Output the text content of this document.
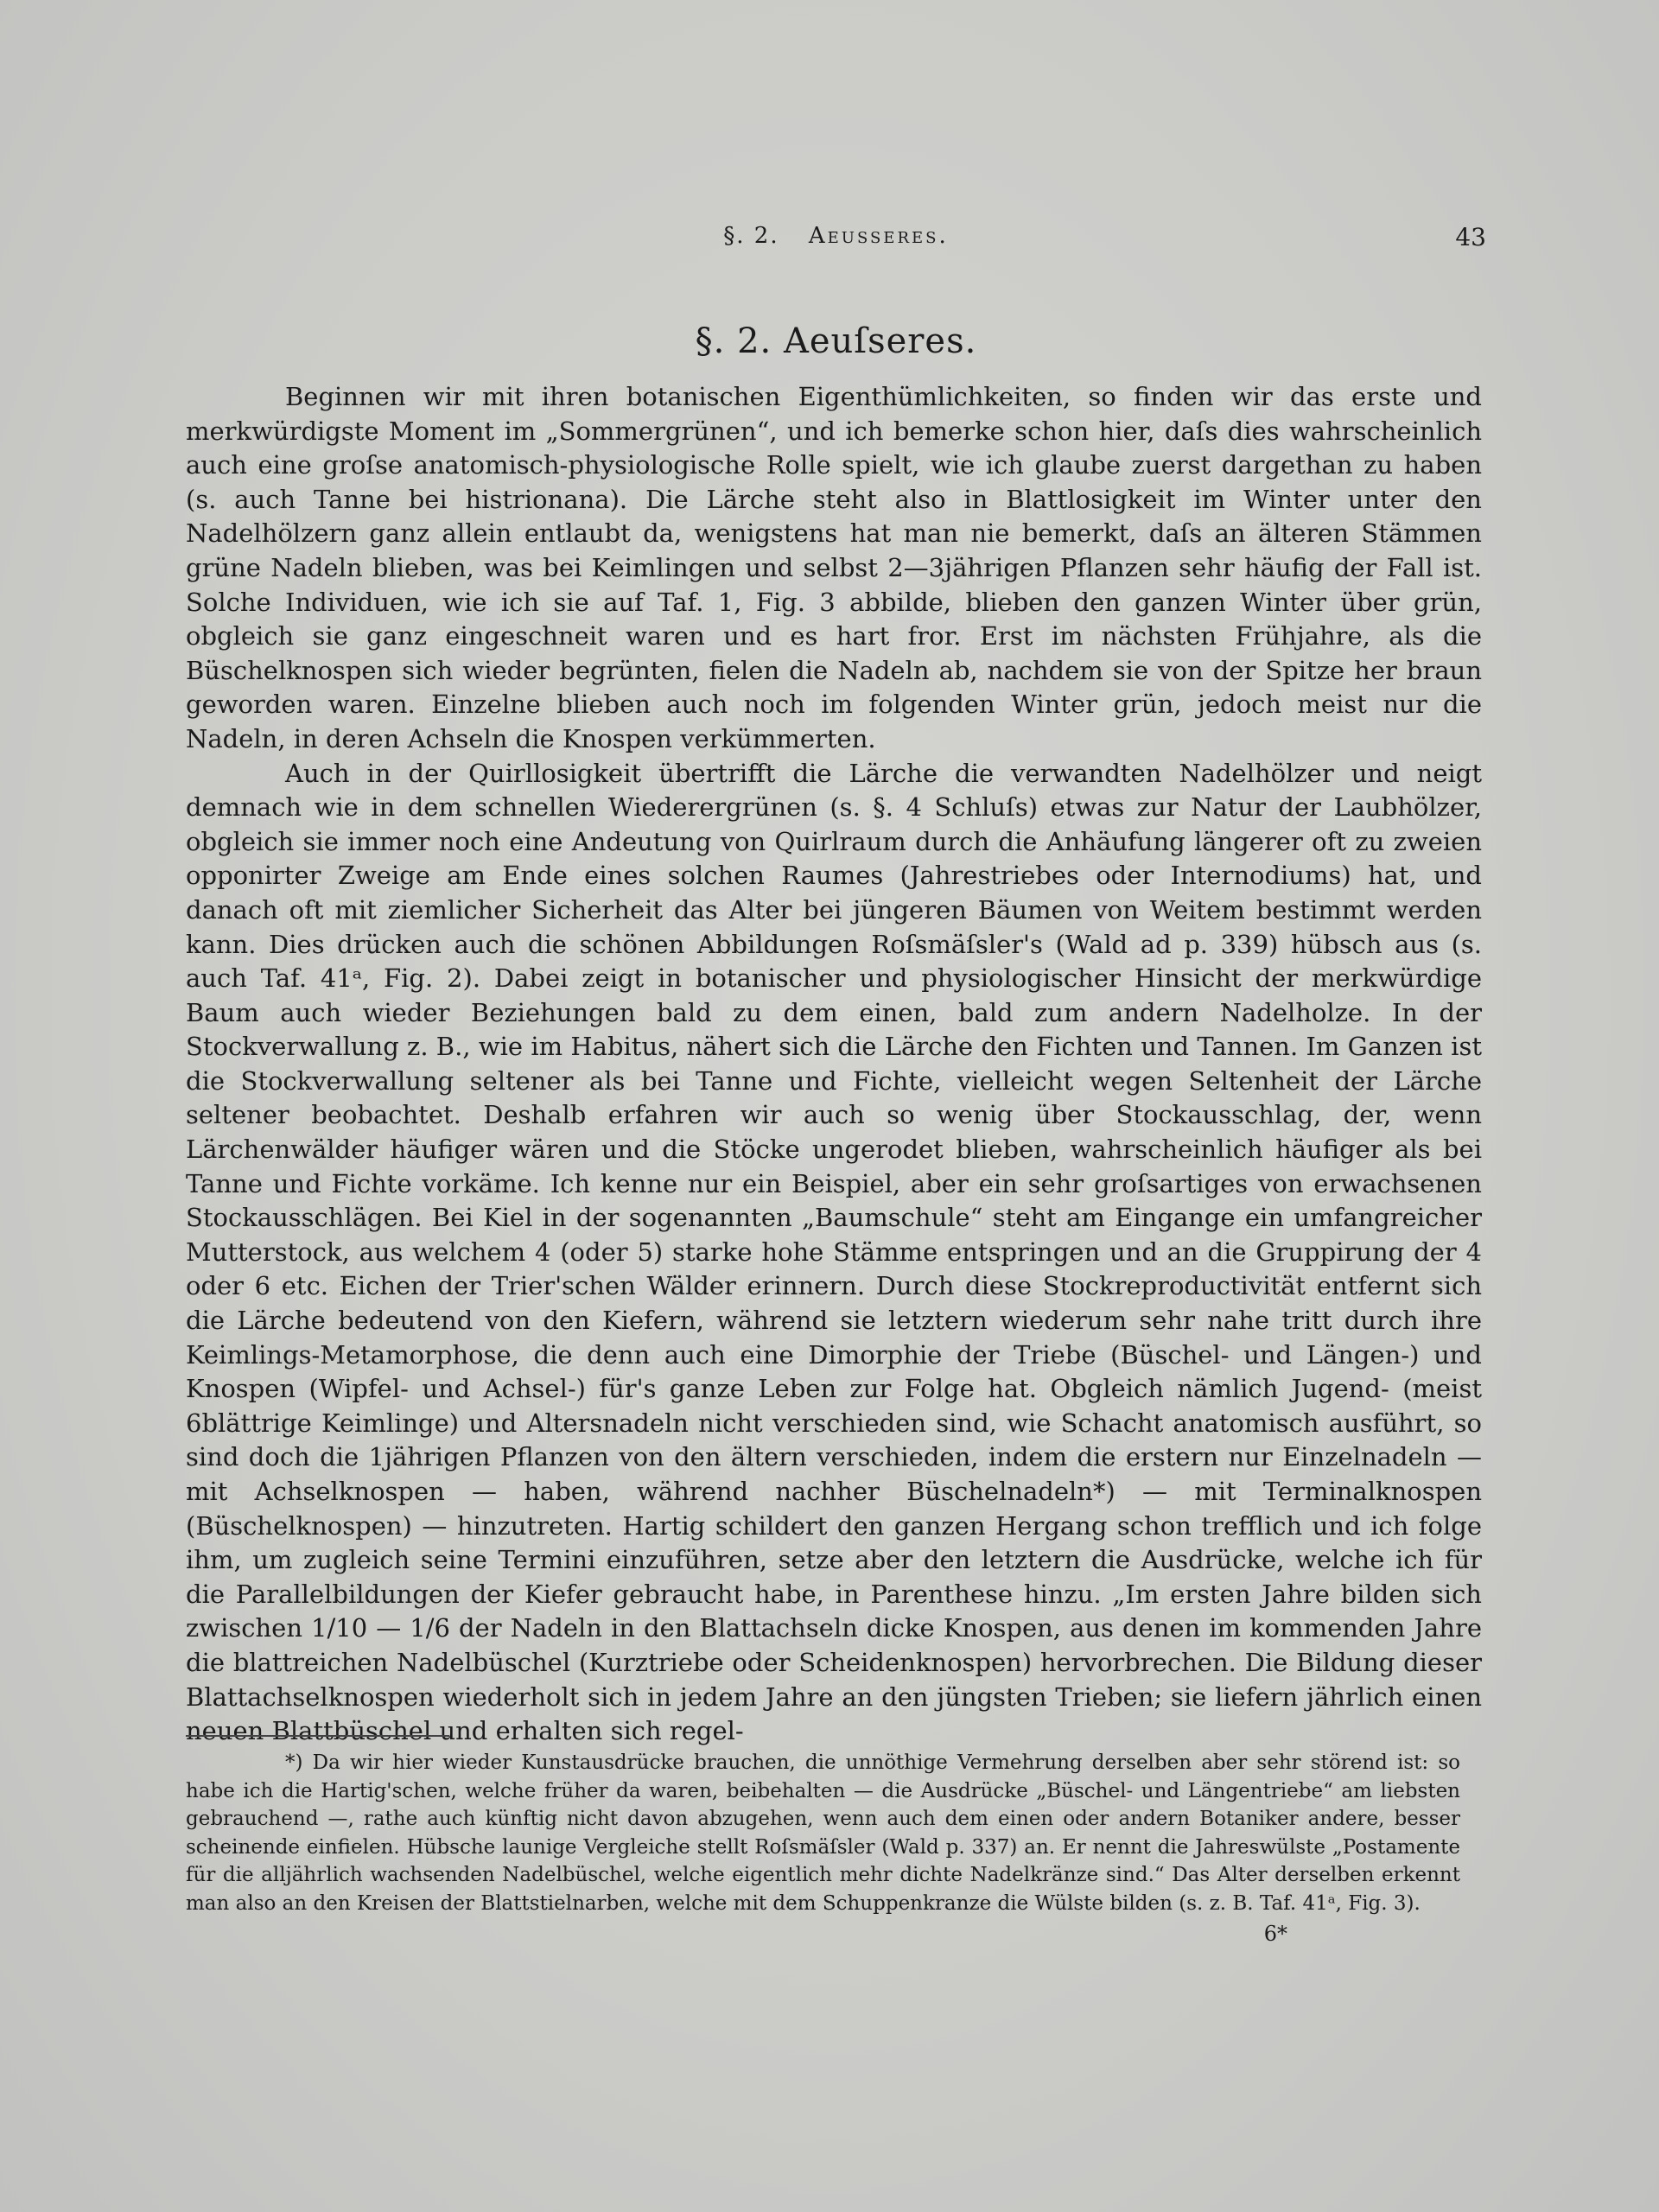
§. 2. Aeusseres.	43
§. 2. Aeuſseres.

Beginnen wir mit ihren botanischen Eigenthümlichkeiten, so finden wir das erste und merkwürdigste Moment im „Sommergrünen“, und ich bemerke schon hier, daſs dies wahrscheinlich auch eine groſse anatomisch-physiologische Rolle spielt, wie ich glaube zuerst dargethan zu haben (s. auch Tanne bei histrionana). Die Lärche steht also in Blattlosigkeit im Winter unter den Nadelhölzern ganz allein entlaubt da, wenigstens hat man nie bemerkt, daſs an älteren Stämmen grüne Nadeln blieben, was bei Keimlingen und selbst 2—3jährigen Pflanzen sehr häufig der Fall ist. Solche Individuen, wie ich sie auf Taf. 1, Fig. 3 abbilde, blieben den ganzen Winter über grün, obgleich sie ganz eingeschneit waren und es hart fror. Erst im nächsten Frühjahre, als die Büschelknospen sich wieder begrünten, fielen die Nadeln ab, nachdem sie von der Spitze her braun geworden waren. Einzelne blieben auch noch im folgenden Winter grün, jedoch meist nur die Nadeln, in deren Achseln die Knospen verkümmerten.

Auch in der Quirllosigkeit übertrifft die Lärche die verwandten Nadelhölzer und neigt demnach wie in dem schnellen Wiederergrünen (s. §. 4 Schluſs) etwas zur Natur der Laubhölzer, obgleich sie immer noch eine Andeutung von Quirlraum durch die Anhäufung längerer oft zu zweien opponirter Zweige am Ende eines solchen Raumes (Jahrestriebes oder Internodiums) hat, und danach oft mit ziemlicher Sicherheit das Alter bei jüngeren Bäumen von Weitem bestimmt werden kann. Dies drücken auch die schönen Abbildungen Roſsmäſsler's (Wald ad p. 339) hübsch aus (s. auch Taf. 41ᵃ, Fig. 2). Dabei zeigt in botanischer und physiologischer Hinsicht der merkwürdige Baum auch wieder Beziehungen bald zu dem einen, bald zum andern Nadelholze. In der Stockverwallung z. B., wie im Habitus, nähert sich die Lärche den Fichten und Tannen. Im Ganzen ist die Stockverwallung seltener als bei Tanne und Fichte, vielleicht wegen Seltenheit der Lärche seltener beobachtet. Deshalb erfahren wir auch so wenig über Stockausschlag, der, wenn Lärchenwälder häufiger wären und die Stöcke ungerodet blieben, wahrscheinlich häufiger als bei Tanne und Fichte vorkäme. Ich kenne nur ein Beispiel, aber ein sehr groſsartiges von erwachsenen Stockausschlägen. Bei Kiel in der sogenannten „Baumschule“ steht am Eingange ein umfangreicher Mutterstock, aus welchem 4 (oder 5) starke hohe Stämme entspringen und an die Gruppirung der 4 oder 6 etc. Eichen der Trier'schen Wälder erinnern. Durch diese Stockreproductivität entfernt sich die Lärche bedeutend von den Kiefern, während sie letztern wiederum sehr nahe tritt durch ihre Keimlings-Metamorphose, die denn auch eine Dimorphie der Triebe (Büschel- und Längen-) und Knospen (Wipfel- und Achsel-) für's ganze Leben zur Folge hat. Obgleich nämlich Jugend- (meist 6blättrige Keimlinge) und Altersnadeln nicht verschieden sind, wie Schacht anatomisch ausführt, so sind doch die 1jährigen Pflanzen von den ältern verschieden, indem die erstern nur Einzelnadeln — mit Achselknospen — haben, während nachher Büschelnadeln*) — mit Terminalknospen (Büschelknospen) — hinzutreten. Hartig schildert den ganzen Hergang schon trefflich und ich folge ihm, um zugleich seine Termini einzuführen, setze aber den letztern die Ausdrücke, welche ich für die Parallelbildungen der Kiefer gebraucht habe, in Parenthese hinzu. „Im ersten Jahre bilden sich zwischen 1/10 — 1/6 der Nadeln in den Blattachseln dicke Knospen, aus denen im kommenden Jahre die blattreichen Nadelbüschel (Kurztriebe oder Scheidenknospen) hervorbrechen. Die Bildung dieser Blattachselknospen wiederholt sich in jedem Jahre an den jüngsten Trieben; sie liefern jährlich einen neuen Blattbüschel und erhalten sich regel-

*) Da wir hier wieder Kunstausdrücke brauchen, die unnöthige Vermehrung derselben aber sehr störend ist: so habe ich die Hartig'schen, welche früher da waren, beibehalten — die Ausdrücke „Büschel- und Längentriebe“ am liebsten gebrauchend —, rathe auch künftig nicht davon abzugehen, wenn auch dem einen oder andern Botaniker andere, besser scheinende einfielen. Hübsche launige Vergleiche stellt Roſsmäſsler (Wald p. 337) an. Er nennt die Jahreswülste „Postamente für die alljährlich wachsenden Nadelbüschel, welche eigentlich mehr dichte Nadelkränze sind.“ Das Alter derselben erkennt man also an den Kreisen der Blattstielnarben, welche mit dem Schuppenkranze die Wülste bilden (s. z. B. Taf. 41ᵃ, Fig. 3).

6*
